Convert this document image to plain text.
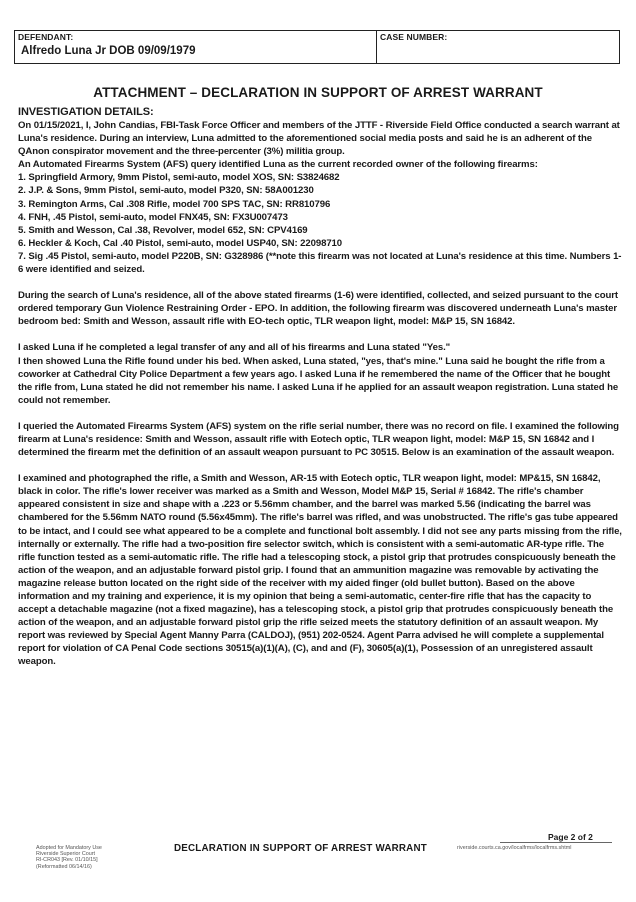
DEFENDANT:
Alfredo Luna Jr DOB 09/09/1979
CASE NUMBER:
ATTACHMENT – DECLARATION IN SUPPORT OF ARREST WARRANT

INVESTIGATION DETAILS:

On 01/15/2021, I, John Candias, FBI-Task Force Officer and members of the JTTF - Riverside Field Office conducted a search warrant at Luna's residence. During an interview, Luna admitted to the aforementioned social media posts and said he is an adherent of the QAnon conspirator movement and the three-percenter (3%) militia group.

An Automated Firearms System (AFS) query identified Luna as the current recorded owner of the following firearms:

1. Springfield Armory, 9mm Pistol, semi-auto, model XOS, SN: S3824682

2. J.P. & Sons, 9mm Pistol, semi-auto, model P320, SN: 58A001230

3. Remington Arms, Cal .308 Rifle, model 700 SPS TAC, SN: RR810796

4. FNH, .45 Pistol, semi-auto, model FNX45, SN: FX3U007473

5. Smith and Wesson, Cal .38, Revolver, model 652, SN: CPV4169

6. Heckler & Koch, Cal .40 Pistol, semi-auto, model USP40, SN: 22098710

7. Sig .45 Pistol, semi-auto, model P220B, SN: G328986 (**note this firearm was not located at Luna's residence at this time. Numbers 1-6 were identified and seized.

During the search of Luna's residence, all of the above stated firearms (1-6) were identified, collected, and seized pursuant to the court ordered temporary Gun Violence Restraining Order - EPO. In addition, the following firearm was discovered underneath Luna's master bedroom bed: Smith and Wesson, assault rifle with EO-tech optic, TLR weapon light, model: M&P 15, SN 16842.

I asked Luna if he completed a legal transfer of any and all of his firearms and Luna stated "Yes."

I then showed Luna the Rifle found under his bed. When asked, Luna stated, "yes, that's mine." Luna said he bought the rifle from a coworker at Cathedral City Police Department a few years ago. I asked Luna if he remembered the name of the Officer that he bought the rifle from, Luna stated he did not remember his name. I asked Luna if he applied for an assault weapon registration. Luna stated he could not remember.

I queried the Automated Firearms System (AFS) system on the rifle serial number, there was no record on file. I examined the following firearm at Luna's residence: Smith and Wesson, assault rifle with Eotech optic, TLR weapon light, model: M&P 15, SN 16842 and I determined the firearm met the definition of an assault weapon pursuant to PC 30515. Below is an examination of the assault weapon.

I examined and photographed the rifle, a Smith and Wesson, AR-15 with Eotech optic, TLR weapon light, model: MP&15, SN 16842, black in color. The rifle's lower receiver was marked as a Smith and Wesson, Model M&P 15, Serial # 16842. The rifle's chamber appeared consistent in size and shape with a .223 or 5.56mm chamber, and the barrel was marked 5.56 (indicating the barrel was chambered for the 5.56mm NATO round (5.56x45mm). The rifle's barrel was rifled, and was unobstructed. The rifle's gas tube appeared to be intact, and I could see what appeared to be a complete and functional bolt assembly. I did not see any parts missing from the rifle, internally or externally. The rifle had a two-position fire selector switch, which is consistent with a semi-automatic AR-type rifle. The rifle function tested as a semi-automatic rifle. The rifle had a telescoping stock, a pistol grip that protrudes conspicuously beneath the action of the weapon, and an adjustable forward pistol grip. I found that an ammunition magazine was removable by activating the magazine release button located on the right side of the receiver with my aided finger (old bullet button). Based on the above information and my training and experience, it is my opinion that being a semi-automatic, center-fire rifle that has the capacity to accept a detachable magazine (not a fixed magazine), has a telescoping stock, a pistol grip that protrudes conspicuously beneath the action of the weapon, and an adjustable forward pistol grip the rifle seized meets the statutory definition of an assault weapon. My report was reviewed by Special Agent Manny Parra (CALDOJ), (951) 202-0524. Agent Parra advised he will complete a supplemental report for violation of CA Penal Code sections 30515(a)(1)(A), (C), and and (F), 30605(a)(1), Possession of an unregistered assault weapon.

Page 2 of 2
Adopted for Mandatory Use
Riverside Superior Court
RI-CR043 [Rev. 01/10/15]
(Reformatted 06/14/16)
DECLARATION IN SUPPORT OF ARREST WARRANT	riverside.courts.ca.gov/localfrms/localfrms.shtml
